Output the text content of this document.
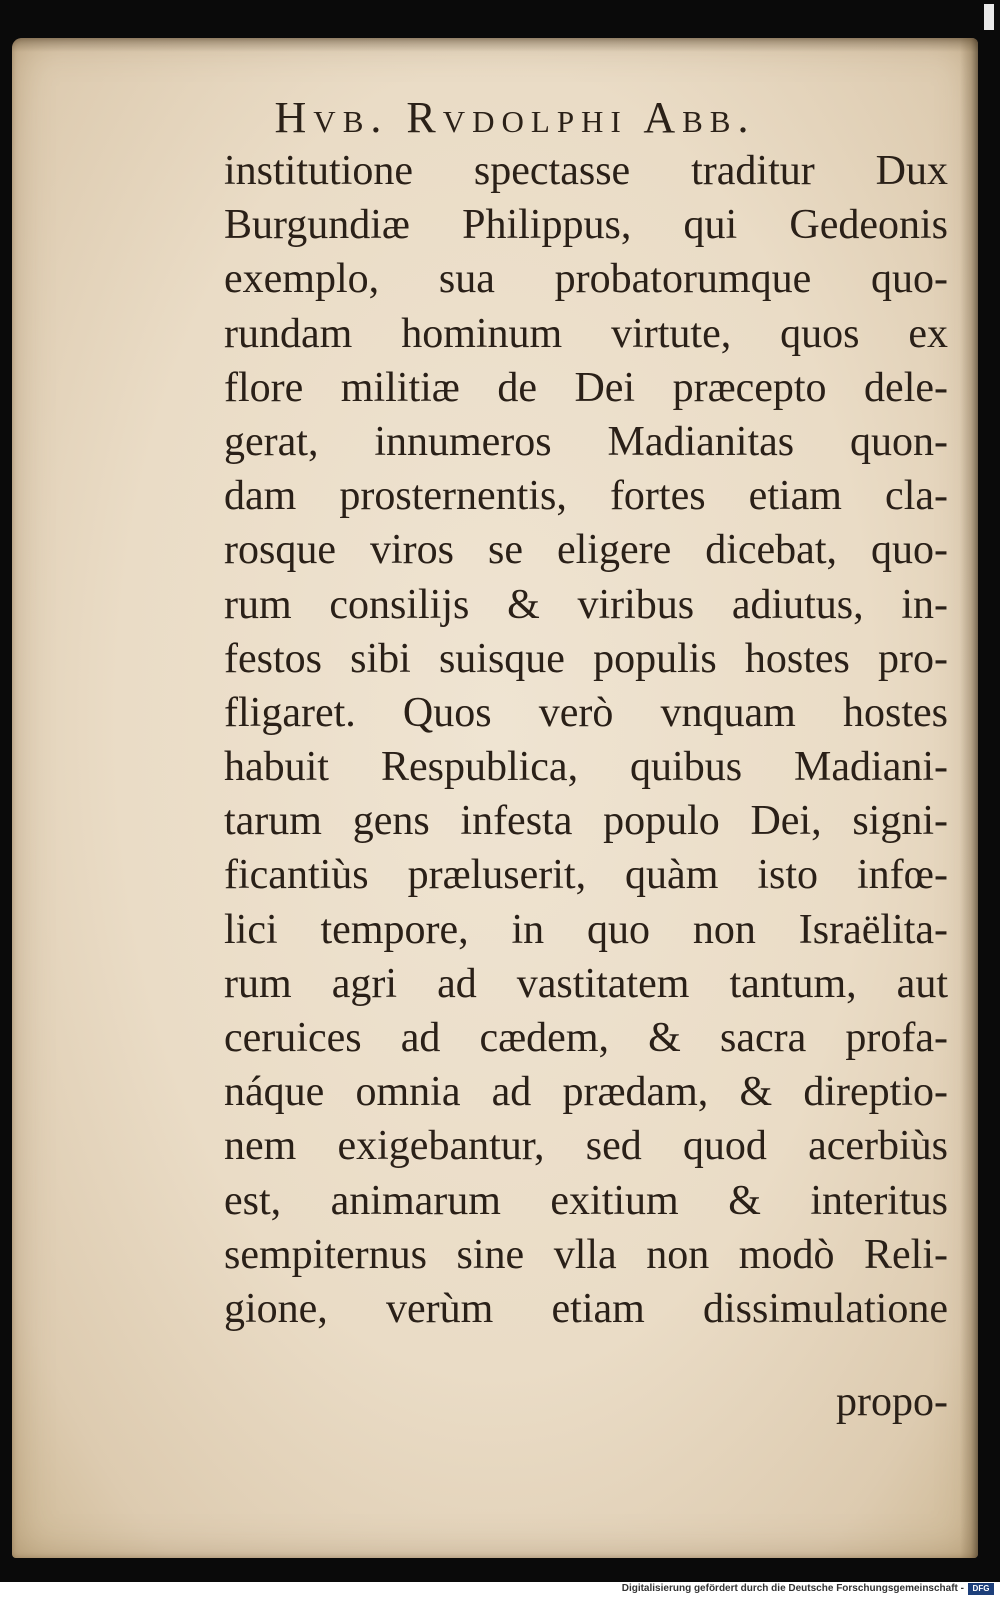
Hvb. Rvdolphi Abb.
institutione spectasse traditur Dux
Burgundiæ Philippus, qui Gedeonis
exemplo, sua probatorumque quo-
rundam hominum virtute, quos ex
flore militiæ de Dei præcepto dele-
gerat, innumeros Madianitas quon-
dam prosternentis, fortes etiam cla-
rosque viros se eligere dicebat, quo-
rum consilijs & viribus adiutus, in-
festos sibi suisque populis hostes pro-
fligaret. Quos verò vnquam hostes
habuit Respublica, quibus Madiani-
tarum gens infesta populo Dei, signi-
ficantiùs præluserit, quàm isto infœ-
lici tempore, in quo non Israëlita-
rum agri ad vastitatem tantum, aut
ceruices ad cædem, & sacra profa-
náque omnia ad prædam, & direptio-
nem exigebantur, sed quod acerbiùs
est, animarum exitium & interitus
sempiternus sine vlla non modò Reli-
gione, verùm etiam dissimulatione
propo-
Digitalisierung gefördert durch die Deutsche Forschungsgemeinschaft -	DFG
